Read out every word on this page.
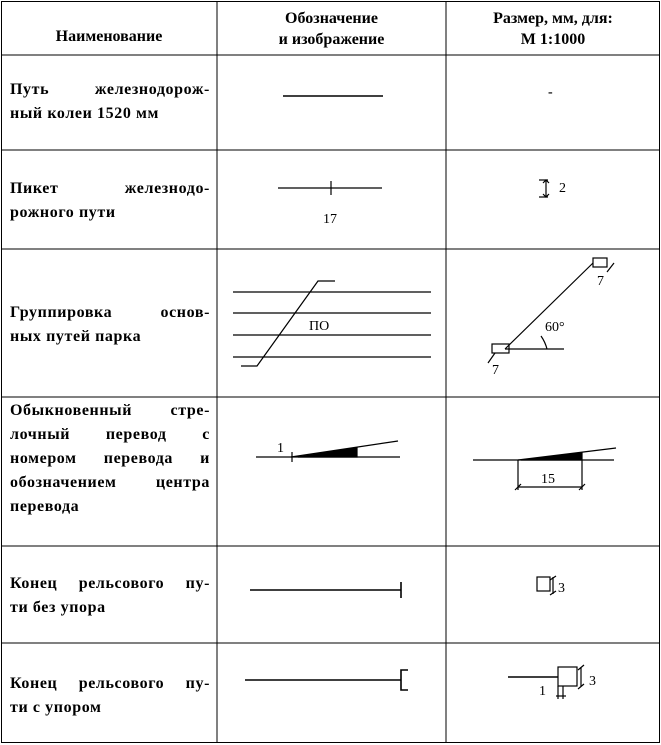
Наименование
Обозначение
и изображение
Размер, мм, для:
М 1:1000
Путь железнодорож-
ный колеи 1520 мм
Пикет железнодо-
рожного пути
Группировка основ-
ных путей парка
Обыкновенный стре-
лочный перевод с
номером перевода и
обозначением центра
перевода
Конец рельсового пу-
ти без упора
Конец рельсового пу-
ти с упором
-
17
2
ПО
7
60°
7
1
15
3
3
1
